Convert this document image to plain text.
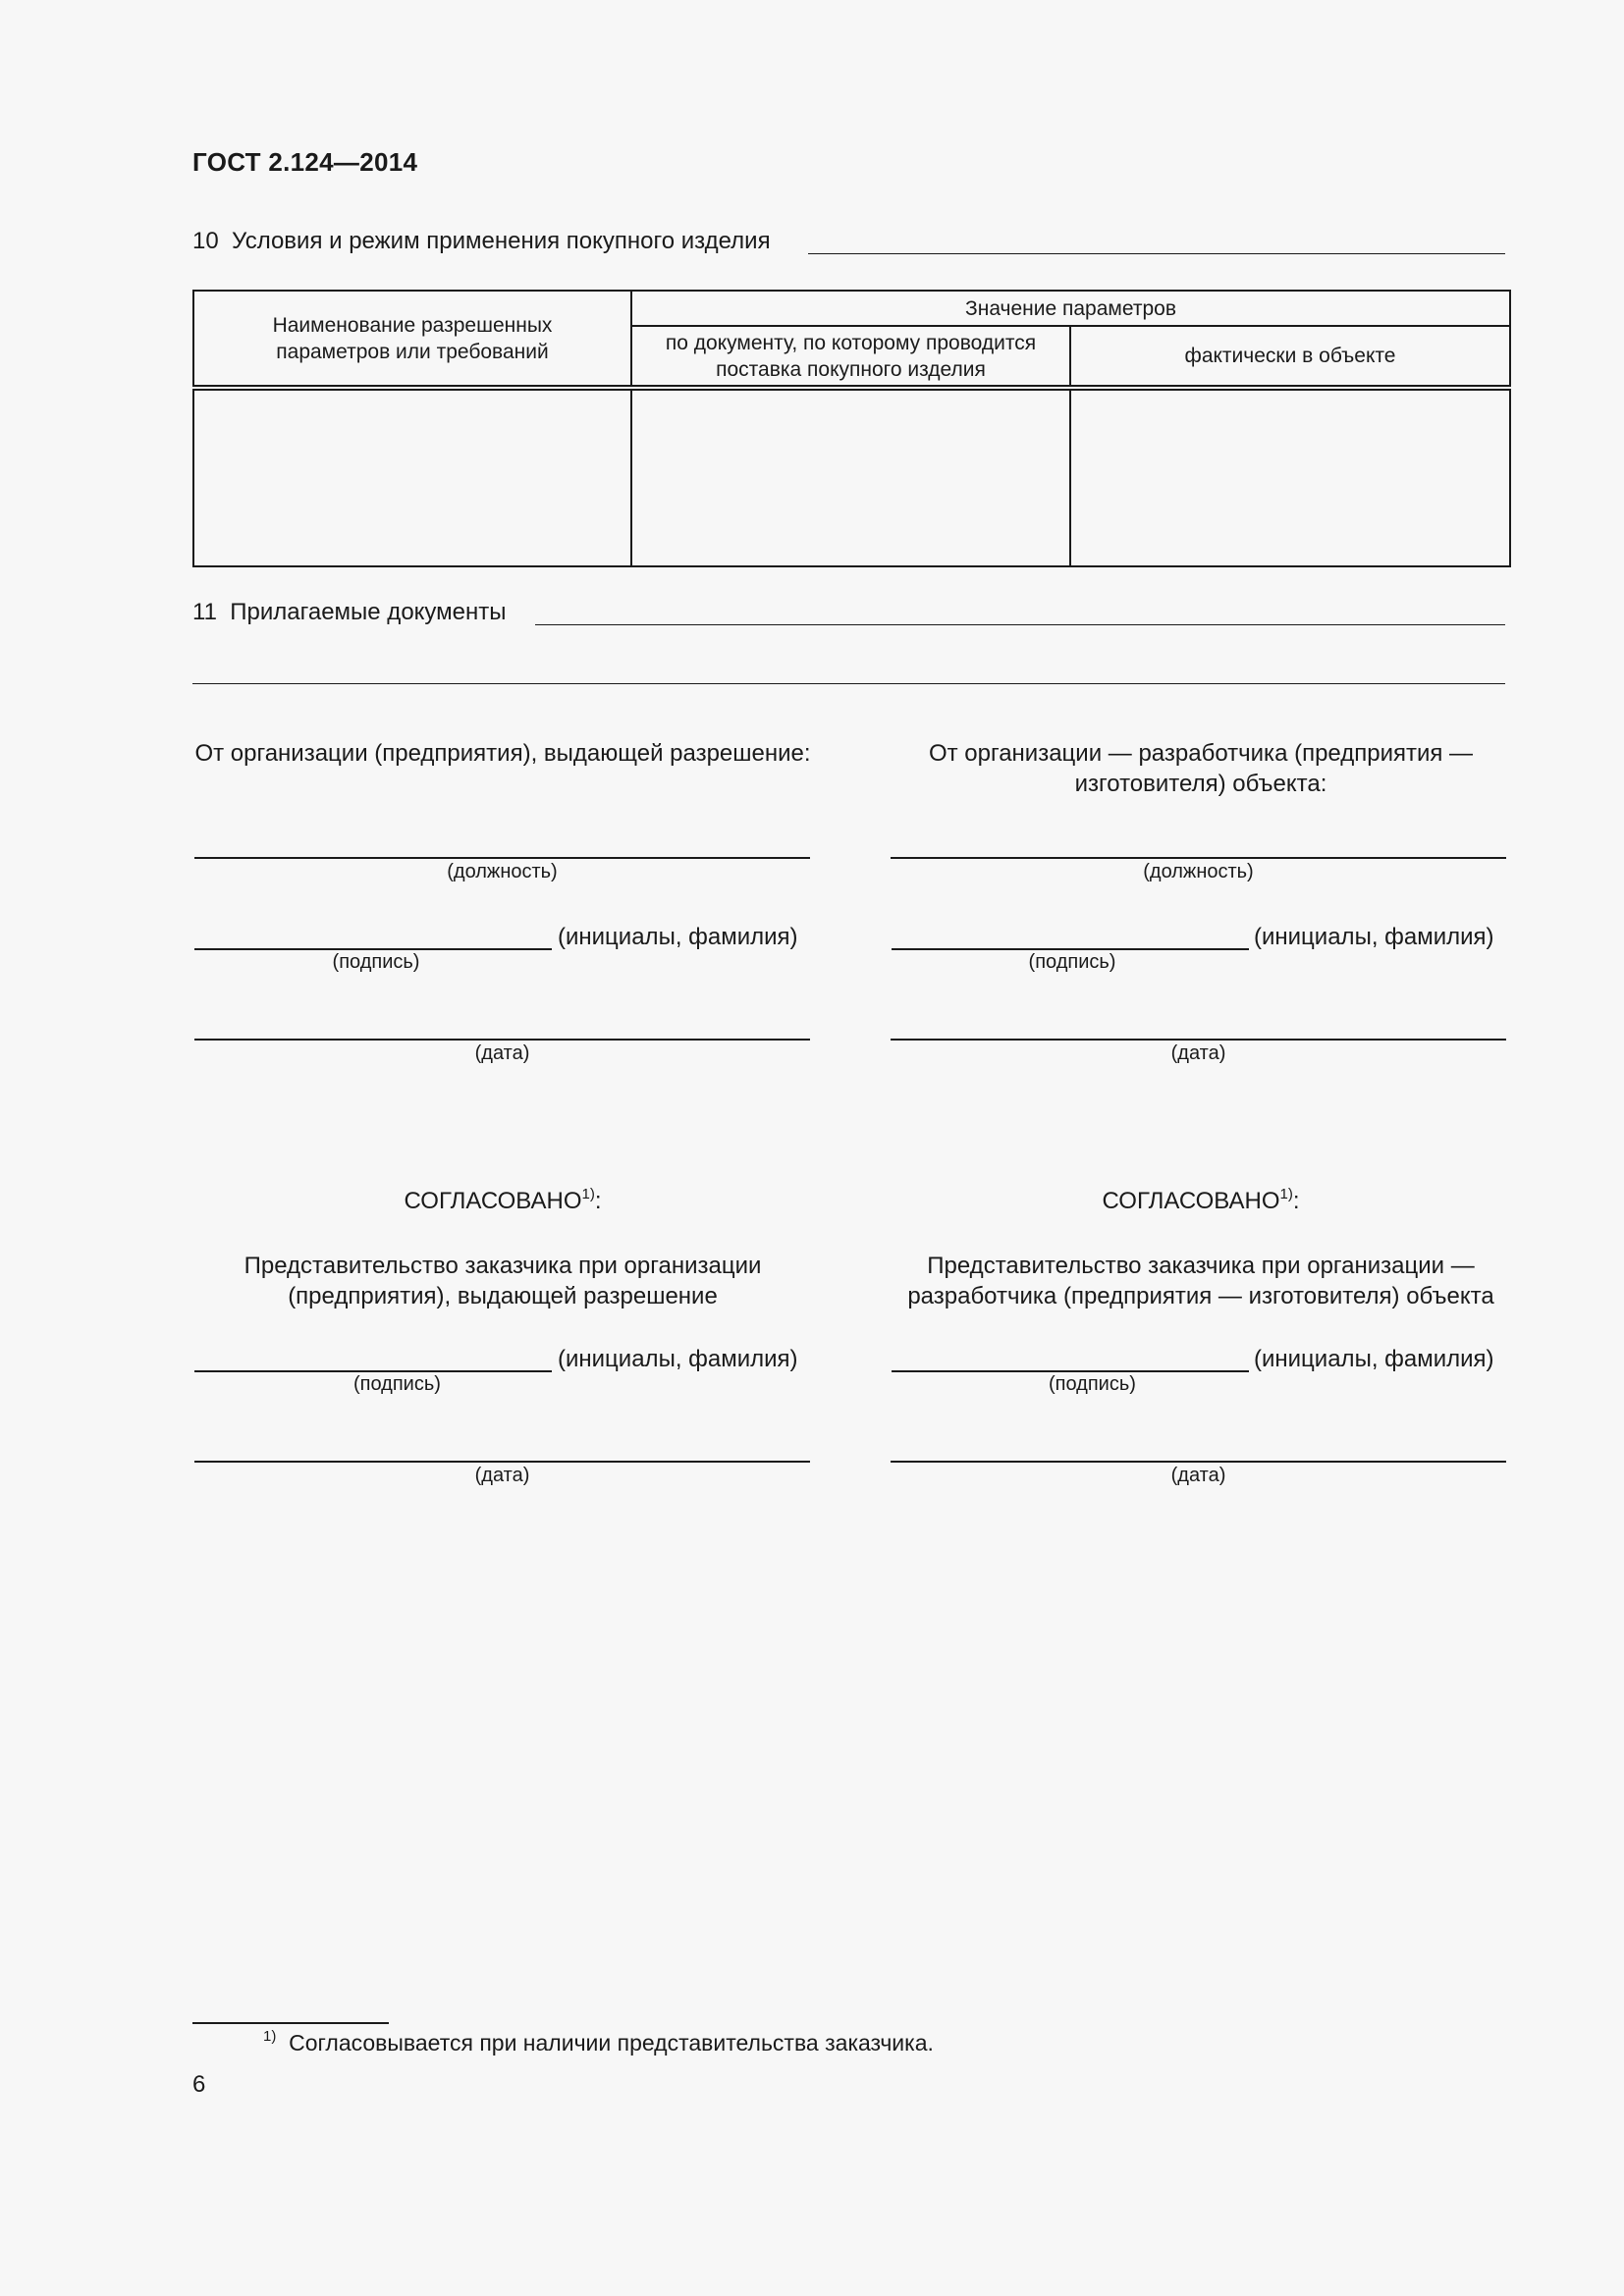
ГОСТ 2.124—2014
10 Условия и режим применения покупного изделия
Наименование разрешенных параметров или требований	Значение параметров	
	по документу, по которому проводится поставка покупного изделия	фактически в объекте

11 Прилагаемые документы
От организации (предприятия), выдающей разрешение:
(должность)
(инициалы, фамилия)
(подпись)
(дата)
От организации — разработчика (предприятия — изготовителя) объекта:
(должность)
(инициалы, фамилия)
(подпись)
(дата)
СОГЛАСОВАНО$^{1)}$:
Представительство заказчика при организации (предприятия), выдающей разрешение
(инициалы, фамилия)
(подпись)
(дата)
СОГЛАСОВАНО$^{1)}$:
Представительство заказчика при организации — разработчика (предприятия — изготовителя) объекта
(инициалы, фамилия)
(подпись)
(дата)
$^{1)}$ Согласовывается при наличии представительства заказчика.
6
